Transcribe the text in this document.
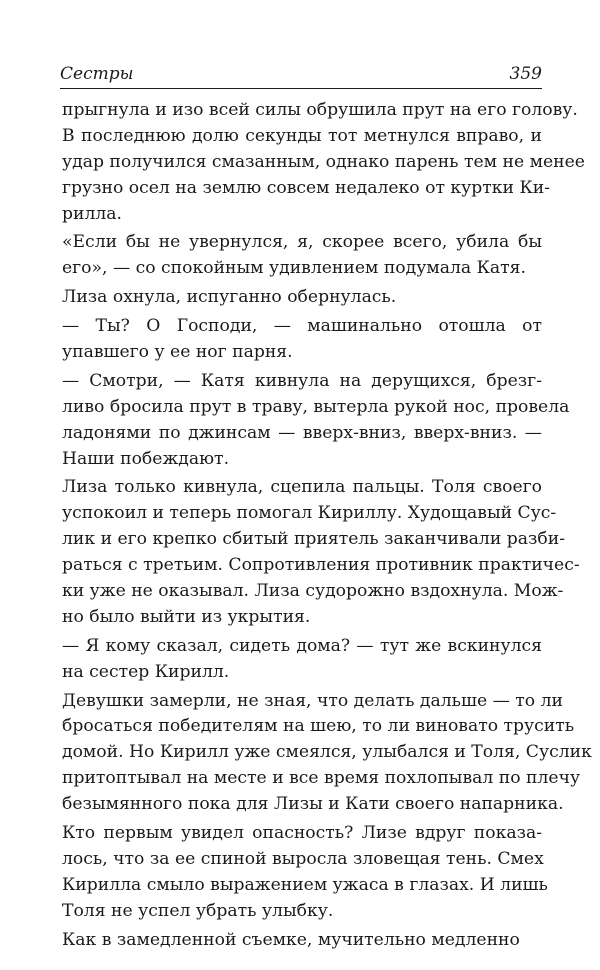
Сестры	359

прыгнула и изо всей силы обрушила прут на его голову.
В последнюю долю секунды тот метнулся вправо, и
удар получился смазанным, однако парень тем не менее
грузно осел на землю совсем недалеко от куртки Ки-
рилла.

«Если бы не увернулся, я, скорее всего, убила бы
его», — со спокойным удивлением подумала Катя.

Лиза охнула, испуганно обернулась.

— Ты? О Господи, — машинально отошла от
упавшего у ее ног парня.

— Смотри, — Катя кивнула на дерущихся, брезг-
ливо бросила прут в траву, вытерла рукой нос, провела
ладонями по джинсам — вверх-вниз, вверх-вниз. —
Наши побеждают.

Лиза только кивнула, сцепила пальцы. Толя своего
успокоил и теперь помогал Кириллу. Худощавый Сус-
лик и его крепко сбитый приятель заканчивали разби-
раться с третьим. Сопротивления противник практичес-
ки уже не оказывал. Лиза судорожно вздохнула. Мож-
но было выйти из укрытия.

— Я кому сказал, сидеть дома? — тут же вскинулся
на сестер Кирилл.

Девушки замерли, не зная, что делать дальше — то ли
бросаться победителям на шею, то ли виновато трусить
домой. Но Кирилл уже смеялся, улыбался и Толя, Суслик
притоптывал на месте и все время похлопывал по плечу
безымянного пока для Лизы и Кати своего напарника.

Кто первым увидел опасность? Лизе вдруг показа-
лось, что за ее спиной выросла зловещая тень. Смех
Кирилла смыло выражением ужаса в глазах. И лишь
Толя не успел убрать улыбку.

Как в замедленной съемке, мучительно медленно
